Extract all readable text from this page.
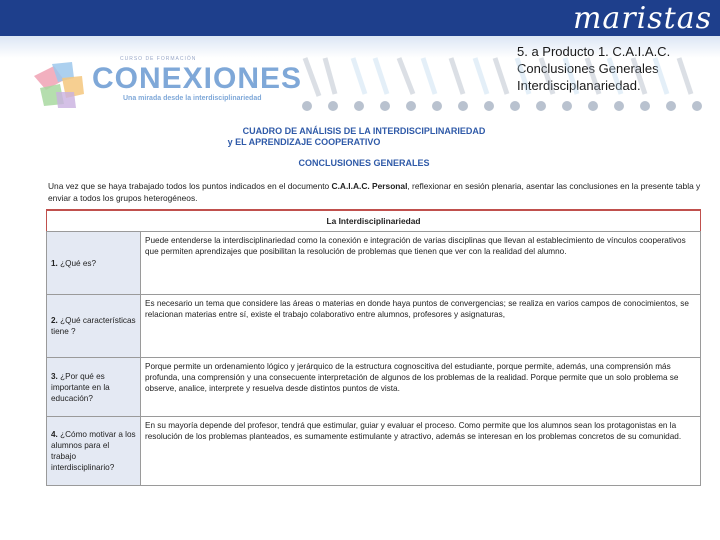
maristas
5. a Producto 1. C.A.I.A.C.
Conclusiones Generales
Interdisciplanariedad.
CURSO DE FORMACIÓN
CONEXIONES
Una mirada desde la interdisciplinariedad
CUADRO DE ANÁLISIS DE LA INTERDISCIPLINARIEDAD
y EL APRENDIZAJE COOPERATIVO
CONCLUSIONES GENERALES
Una vez que se haya trabajado todos los puntos indicados en el documento C.A.I.A.C. Personal, reflexionar en sesión plenaria, asentar las conclusiones en la presente tabla y enviar a todos los grupos heterogéneos.
La Interdisciplinariedad	
1. ¿Qué es?	Puede entenderse la interdisciplinariedad como la conexión e integración de varias disciplinas que llevan al establecimiento de vínculos cooperativos que permiten aprendizajes que posibilitan la resolución de problemas que tienen que ver con la realidad del alumno.
2. ¿Qué características tiene ?	Es necesario un tema que considere las áreas o materias en donde haya puntos de convergencias; se realiza en varios campos de conocimientos, se relacionan materias entre sí, existe el trabajo colaborativo entre alumnos, profesores y asignaturas,
3. ¿Por qué es importante en la educación?	Porque permite un ordenamiento lógico y jerárquico de la estructura cognoscitiva del estudiante, porque permite, además, una comprensión más profunda, una comprensión y una consecuente interpretación de algunos de los problemas de la realidad. Porque permite que un solo problema se observe, analice, interprete y resuelva desde distintos puntos de vista.
4. ¿Cómo motivar a los alumnos para el trabajo interdisciplinario?	En su mayoría depende del profesor, tendrá que estimular, guiar y evaluar el proceso. Como permite que los alumnos sean los protagonistas en la resolución de los problemas planteados, es sumamente estimulante y atractivo, además se interesan en los problemas concretos de su comunidad.
